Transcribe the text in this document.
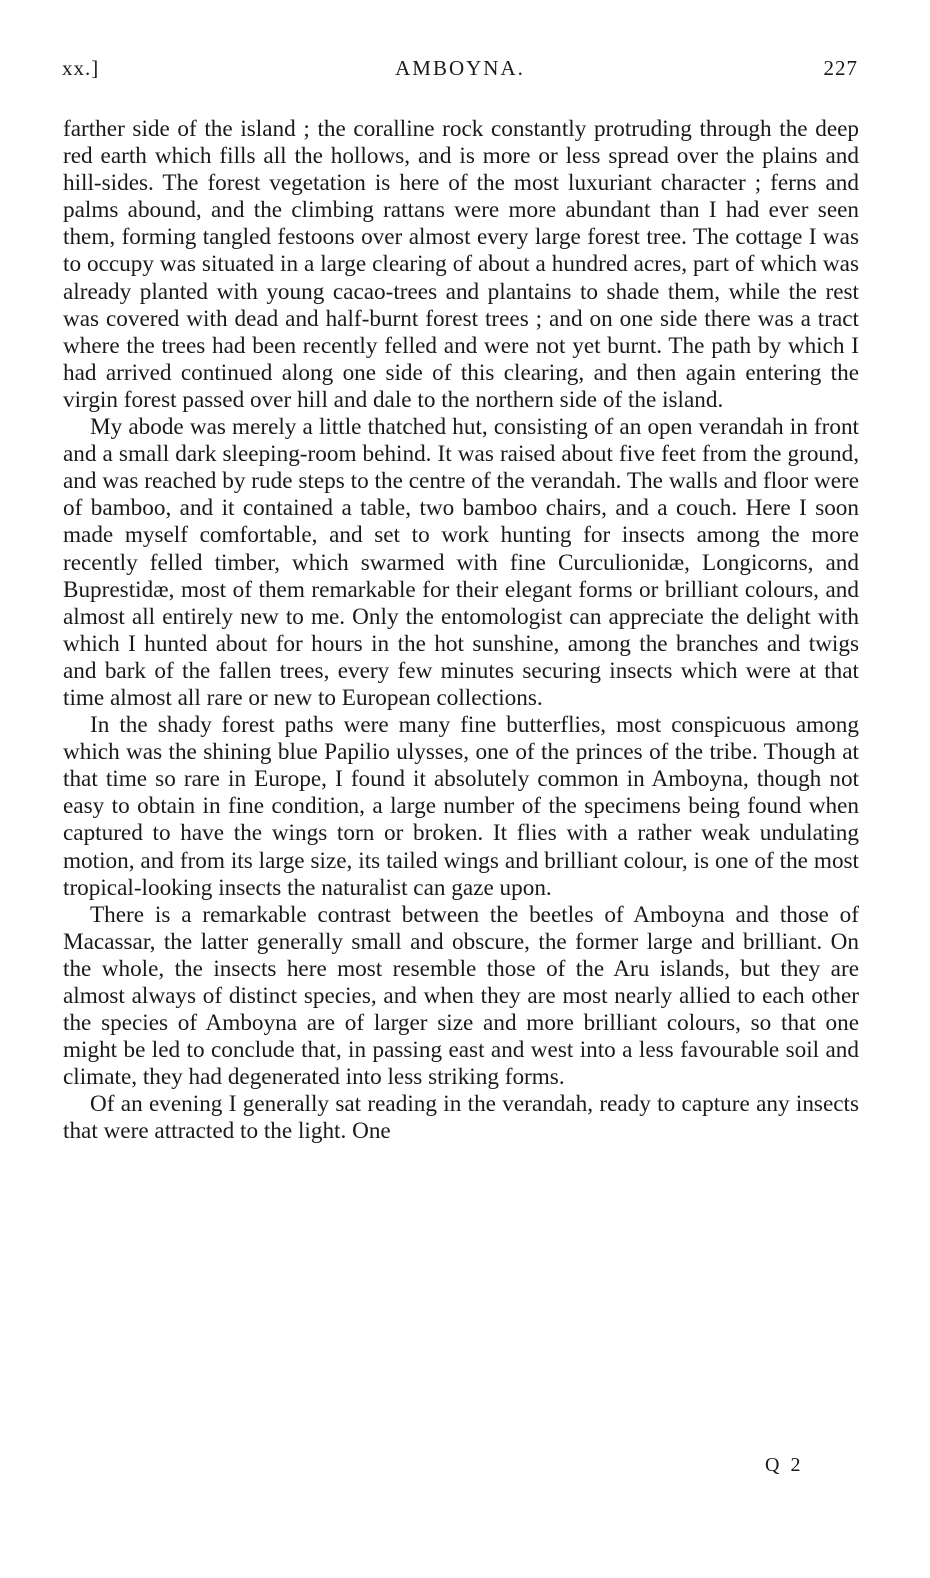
xx.]	AMBOYNA.	227

farther side of the island ; the coralline rock constantly protruding through the deep red earth which fills all the hollows, and is more or less spread over the plains and hill-sides. The forest vegetation is here of the most luxuriant character ; ferns and palms abound, and the climbing rattans were more abundant than I had ever seen them, forming tangled festoons over almost every large forest tree. The cottage I was to occupy was situated in a large clearing of about a hundred acres, part of which was already planted with young cacao-trees and plantains to shade them, while the rest was covered with dead and half-burnt forest trees ; and on one side there was a tract where the trees had been recently felled and were not yet burnt. The path by which I had arrived continued along one side of this clearing, and then again entering the virgin forest passed over hill and dale to the northern side of the island.

My abode was merely a little thatched hut, consisting of an open verandah in front and a small dark sleeping-room behind. It was raised about five feet from the ground, and was reached by rude steps to the centre of the verandah. The walls and floor were of bamboo, and it contained a table, two bamboo chairs, and a couch. Here I soon made myself comfortable, and set to work hunting for insects among the more recently felled timber, which swarmed with fine Curculionidæ, Longicorns, and Buprestidæ, most of them remarkable for their elegant forms or brilliant colours, and almost all entirely new to me. Only the entomologist can appreciate the delight with which I hunted about for hours in the hot sunshine, among the branches and twigs and bark of the fallen trees, every few minutes securing insects which were at that time almost all rare or new to European collections.

In the shady forest paths were many fine butterflies, most conspicuous among which was the shining blue Papilio ulysses, one of the princes of the tribe. Though at that time so rare in Europe, I found it absolutely common in Amboyna, though not easy to obtain in fine condition, a large number of the specimens being found when captured to have the wings torn or broken. It flies with a rather weak undulating motion, and from its large size, its tailed wings and brilliant colour, is one of the most tropical-looking insects the naturalist can gaze upon.

There is a remarkable contrast between the beetles of Amboyna and those of Macassar, the latter generally small and obscure, the former large and brilliant. On the whole, the insects here most resemble those of the Aru islands, but they are almost always of distinct species, and when they are most nearly allied to each other the species of Amboyna are of larger size and more brilliant colours, so that one might be led to conclude that, in passing east and west into a less favourable soil and climate, they had degenerated into less striking forms.

Of an evening I generally sat reading in the verandah, ready to capture any insects that were attracted to the light. One

Q 2
